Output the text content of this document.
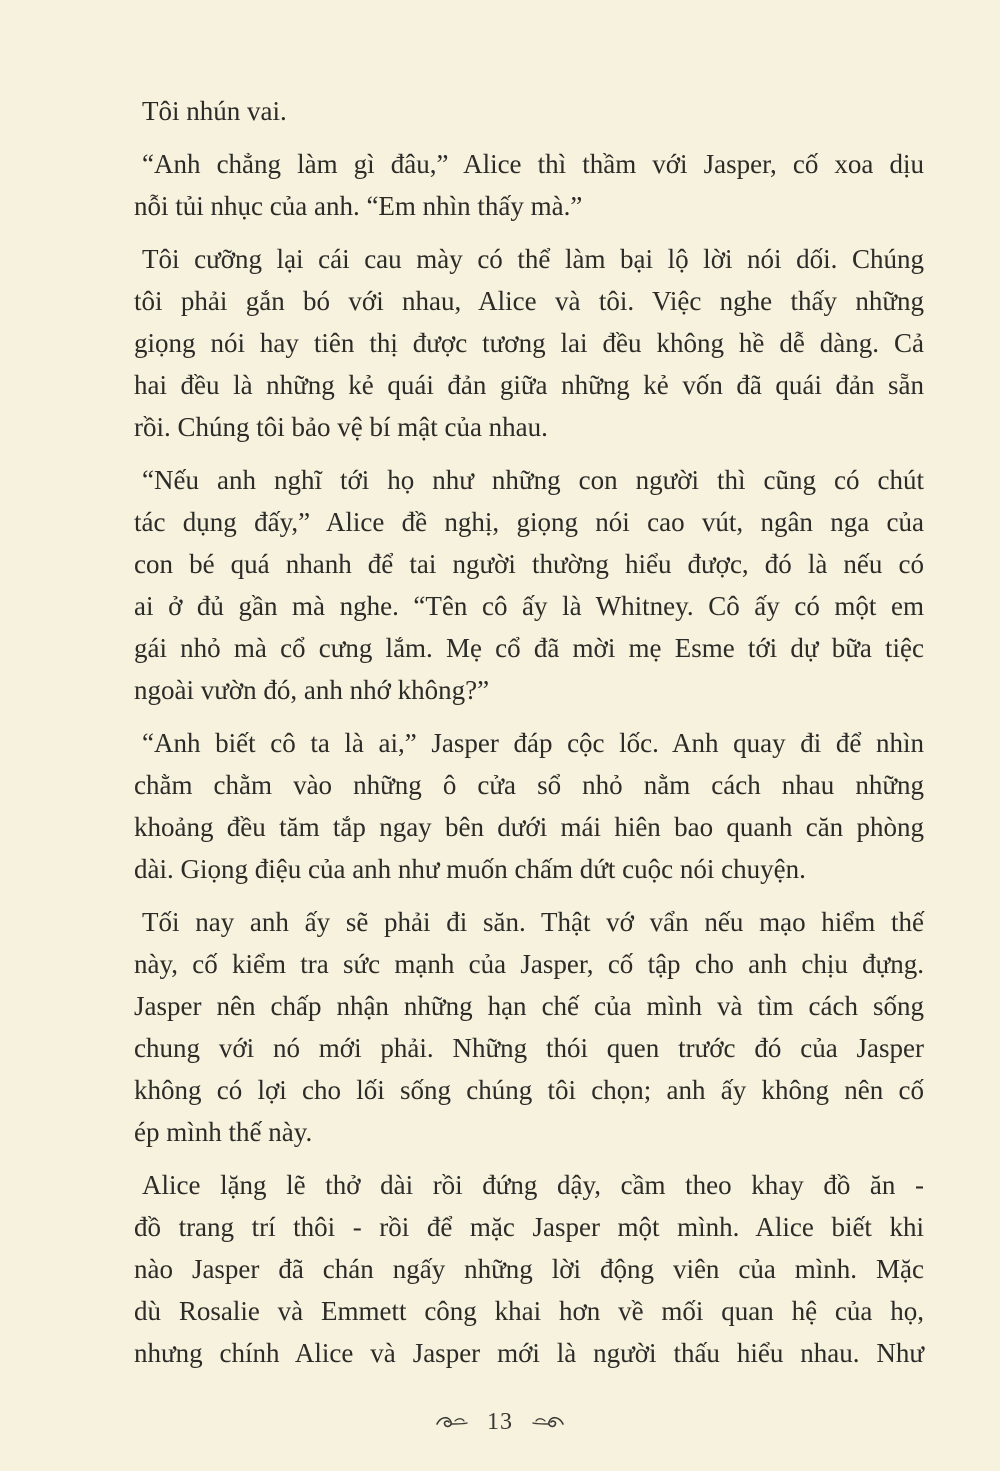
Tôi nhún vai.
“Anh chẳng làm gì đâu,” Alice thì thầm với Jasper, cố xoa dịu
nỗi tủi nhục của anh. “Em nhìn thấy mà.”
Tôi cưỡng lại cái cau mày có thể làm bại lộ lời nói dối. Chúng
tôi phải gắn bó với nhau, Alice và tôi. Việc nghe thấy những
giọng nói hay tiên thị được tương lai đều không hề dễ dàng. Cả
hai đều là những kẻ quái đản giữa những kẻ vốn đã quái đản sẵn
rồi. Chúng tôi bảo vệ bí mật của nhau.
“Nếu anh nghĩ tới họ như những con người thì cũng có chút
tác dụng đấy,” Alice đề nghị, giọng nói cao vút, ngân nga của
con bé quá nhanh để tai người thường hiểu được, đó là nếu có
ai ở đủ gần mà nghe. “Tên cô ấy là Whitney. Cô ấy có một em
gái nhỏ mà cổ cưng lắm. Mẹ cổ đã mời mẹ Esme tới dự bữa tiệc
ngoài vườn đó, anh nhớ không?”
“Anh biết cô ta là ai,” Jasper đáp cộc lốc. Anh quay đi để nhìn
chằm chằm vào những ô cửa sổ nhỏ nằm cách nhau những
khoảng đều tăm tắp ngay bên dưới mái hiên bao quanh căn phòng
dài. Giọng điệu của anh như muốn chấm dứt cuộc nói chuyện.
Tối nay anh ấy sẽ phải đi săn. Thật vớ vẩn nếu mạo hiểm thế
này, cố kiểm tra sức mạnh của Jasper, cố tập cho anh chịu đựng.
Jasper nên chấp nhận những hạn chế của mình và tìm cách sống
chung với nó mới phải. Những thói quen trước đó của Jasper
không có lợi cho lối sống chúng tôi chọn; anh ấy không nên cố
ép mình thế này.
Alice lặng lẽ thở dài rồi đứng dậy, cầm theo khay đồ ăn -
đồ trang trí thôi - rồi để mặc Jasper một mình. Alice biết khi
nào Jasper đã chán ngấy những lời động viên của mình. Mặc
dù Rosalie và Emmett công khai hơn về mối quan hệ của họ,
nhưng chính Alice và Jasper mới là người thấu hiểu nhau. Như
13
